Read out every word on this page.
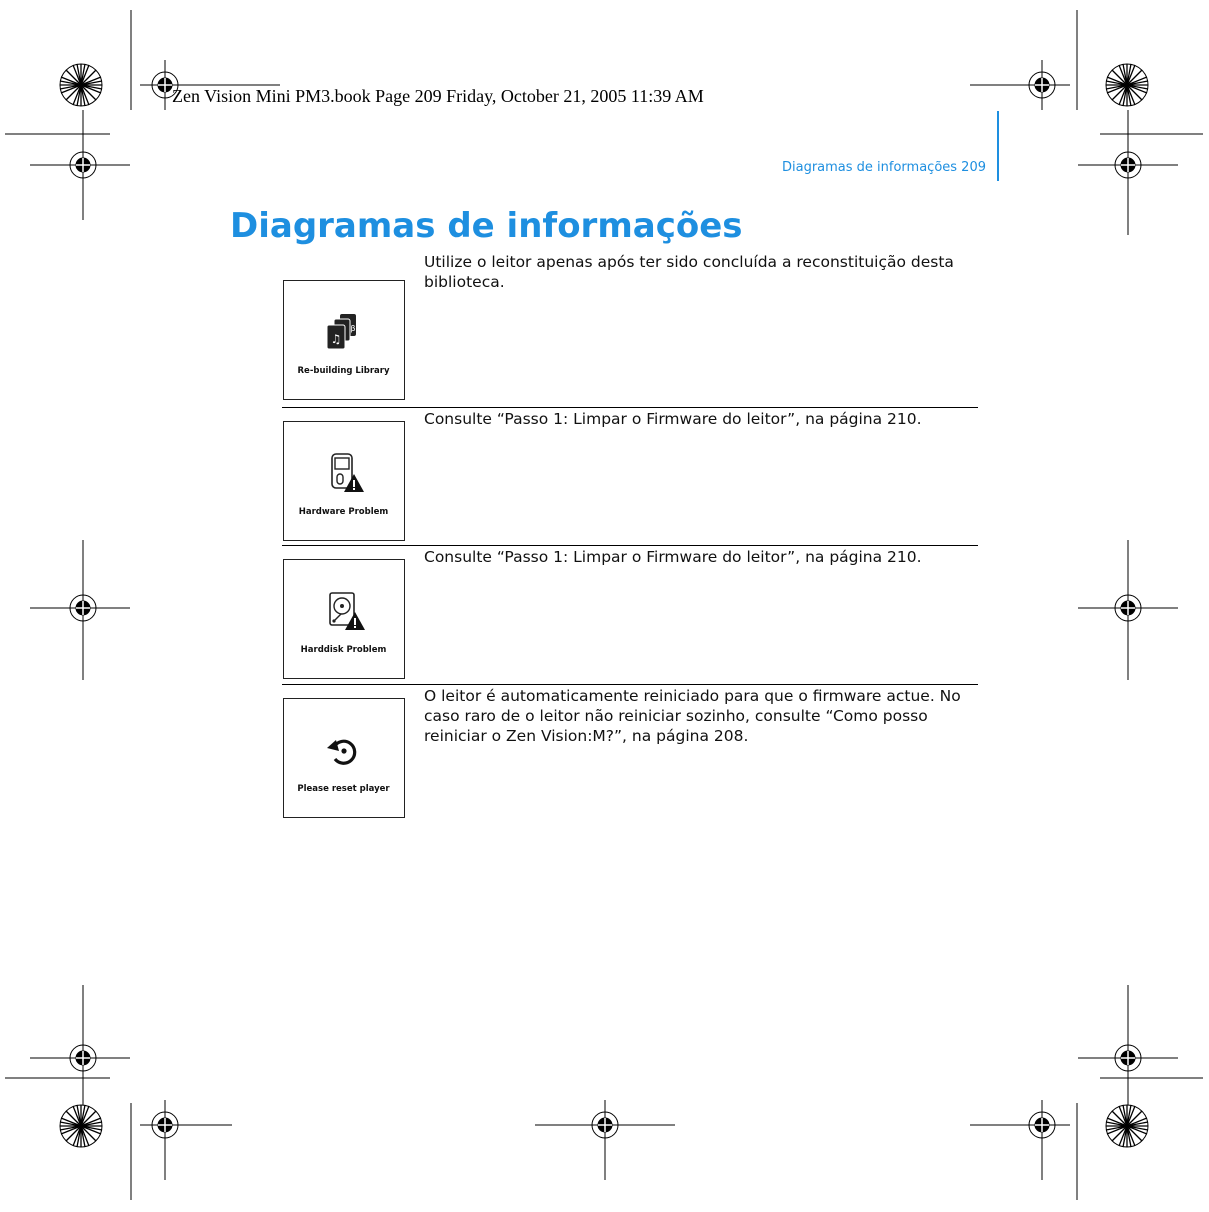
Zen Vision Mini PM3.book Page 209 Friday, October 21, 2005 11:39 AM
Diagramas de informações 209
Diagramas de informações
♫
β
Re-building Library

Utilize o leitor apenas após ter sido concluída a reconstituição desta biblioteca.

Hardware Problem

Consulte “Passo 1: Limpar o Firmware do leitor”, na página 210.

Harddisk Problem

Consulte “Passo 1: Limpar o Firmware do leitor”, na página 210.

Please reset player

O leitor é automaticamente reiniciado para que o firmware actue. No caso raro de o leitor não reiniciar sozinho, consulte “Como posso reiniciar o Zen Vision:M?”, na página 208.
